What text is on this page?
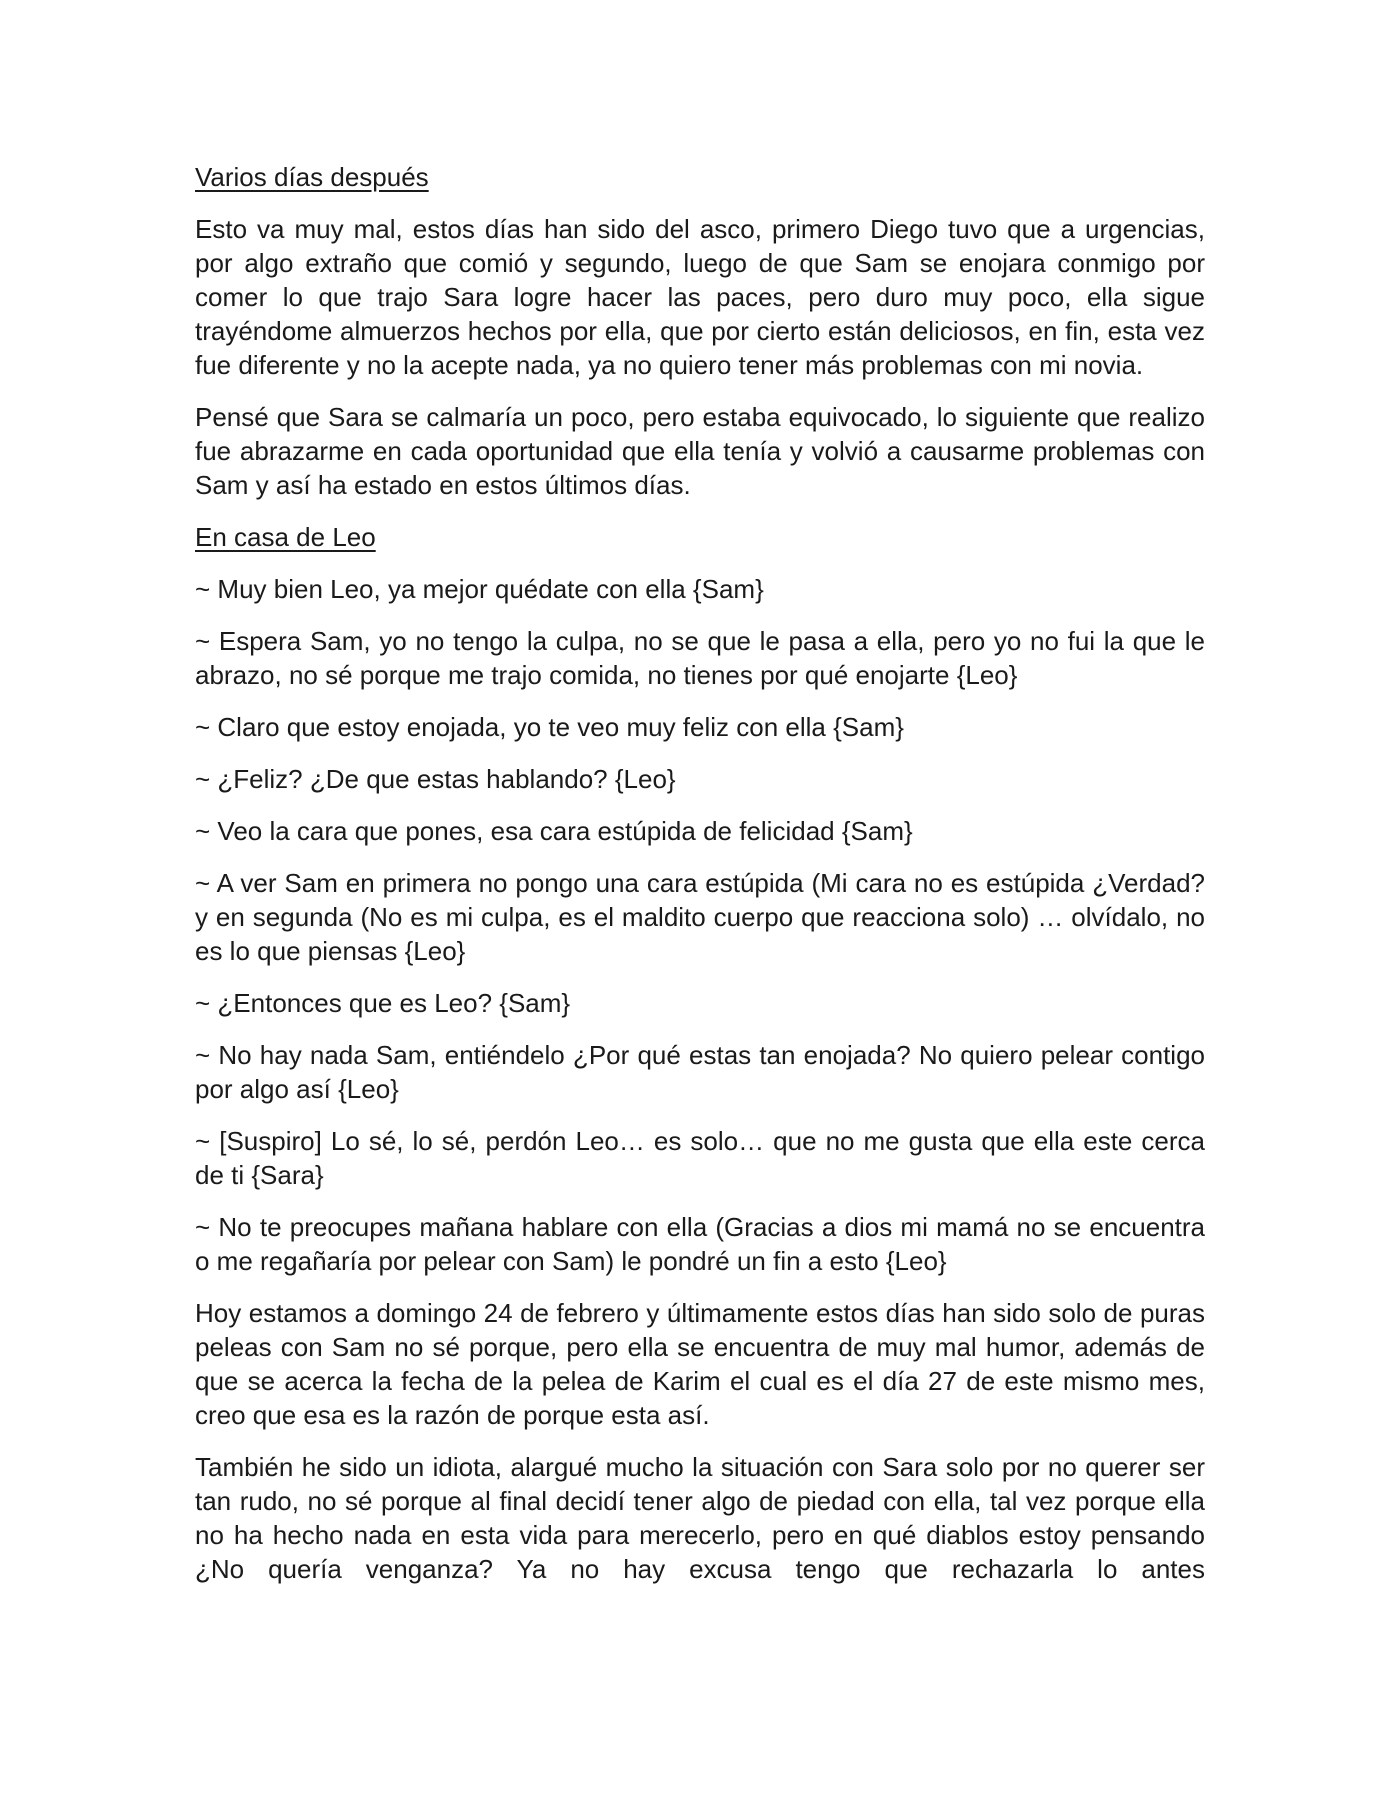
Varios días después

Esto va muy mal, estos días han sido del asco, primero Diego tuvo que a urgencias, por algo extraño que comió y segundo, luego de que Sam se enojara conmigo por comer lo que trajo Sara logre hacer las paces, pero duro muy poco, ella sigue trayéndome almuerzos hechos por ella, que por cierto están deliciosos, en fin, esta vez fue diferente y no la acepte nada, ya no quiero tener más problemas con mi novia.

Pensé que Sara se calmaría un poco, pero estaba equivocado, lo siguiente que realizo fue abrazarme en cada oportunidad que ella tenía y volvió a causarme problemas con Sam y así ha estado en estos últimos días.

En casa de Leo

~ Muy bien Leo, ya mejor quédate con ella {Sam}

~ Espera Sam, yo no tengo la culpa, no se que le pasa a ella, pero yo no fui la que le abrazo, no sé porque me trajo comida, no tienes por qué enojarte {Leo}

~ Claro que estoy enojada, yo te veo muy feliz con ella {Sam}

~ ¿Feliz? ¿De que estas hablando? {Leo}

~ Veo la cara que pones, esa cara estúpida de felicidad {Sam}

~ A ver Sam en primera no pongo una cara estúpida (Mi cara no es estúpida ¿Verdad? y en segunda (No es mi culpa, es el maldito cuerpo que reacciona solo) … olvídalo, no es lo que piensas {Leo}

~ ¿Entonces que es Leo? {Sam}

~ No hay nada Sam, entiéndelo ¿Por qué estas tan enojada? No quiero pelear contigo por algo así {Leo}

~ [Suspiro] Lo sé, lo sé, perdón Leo… es solo… que no me gusta que ella este cerca de ti {Sara}

~ No te preocupes mañana hablare con ella (Gracias a dios mi mamá no se encuentra o me regañaría por pelear con Sam) le pondré un fin a esto {Leo}

Hoy estamos a domingo 24 de febrero y últimamente estos días han sido solo de puras peleas con Sam no sé porque, pero ella se encuentra de muy mal humor, además de que se acerca la fecha de la pelea de Karim el cual es el día 27 de este mismo mes, creo que esa es la razón de porque esta así.

También he sido un idiota, alargué mucho la situación con Sara solo por no querer ser tan rudo, no sé porque al final decidí tener algo de piedad con ella, tal vez porque ella no ha hecho nada en esta vida para merecerlo, pero en qué diablos estoy pensando ¿No quería venganza? Ya no hay excusa tengo que rechazarla lo antes
